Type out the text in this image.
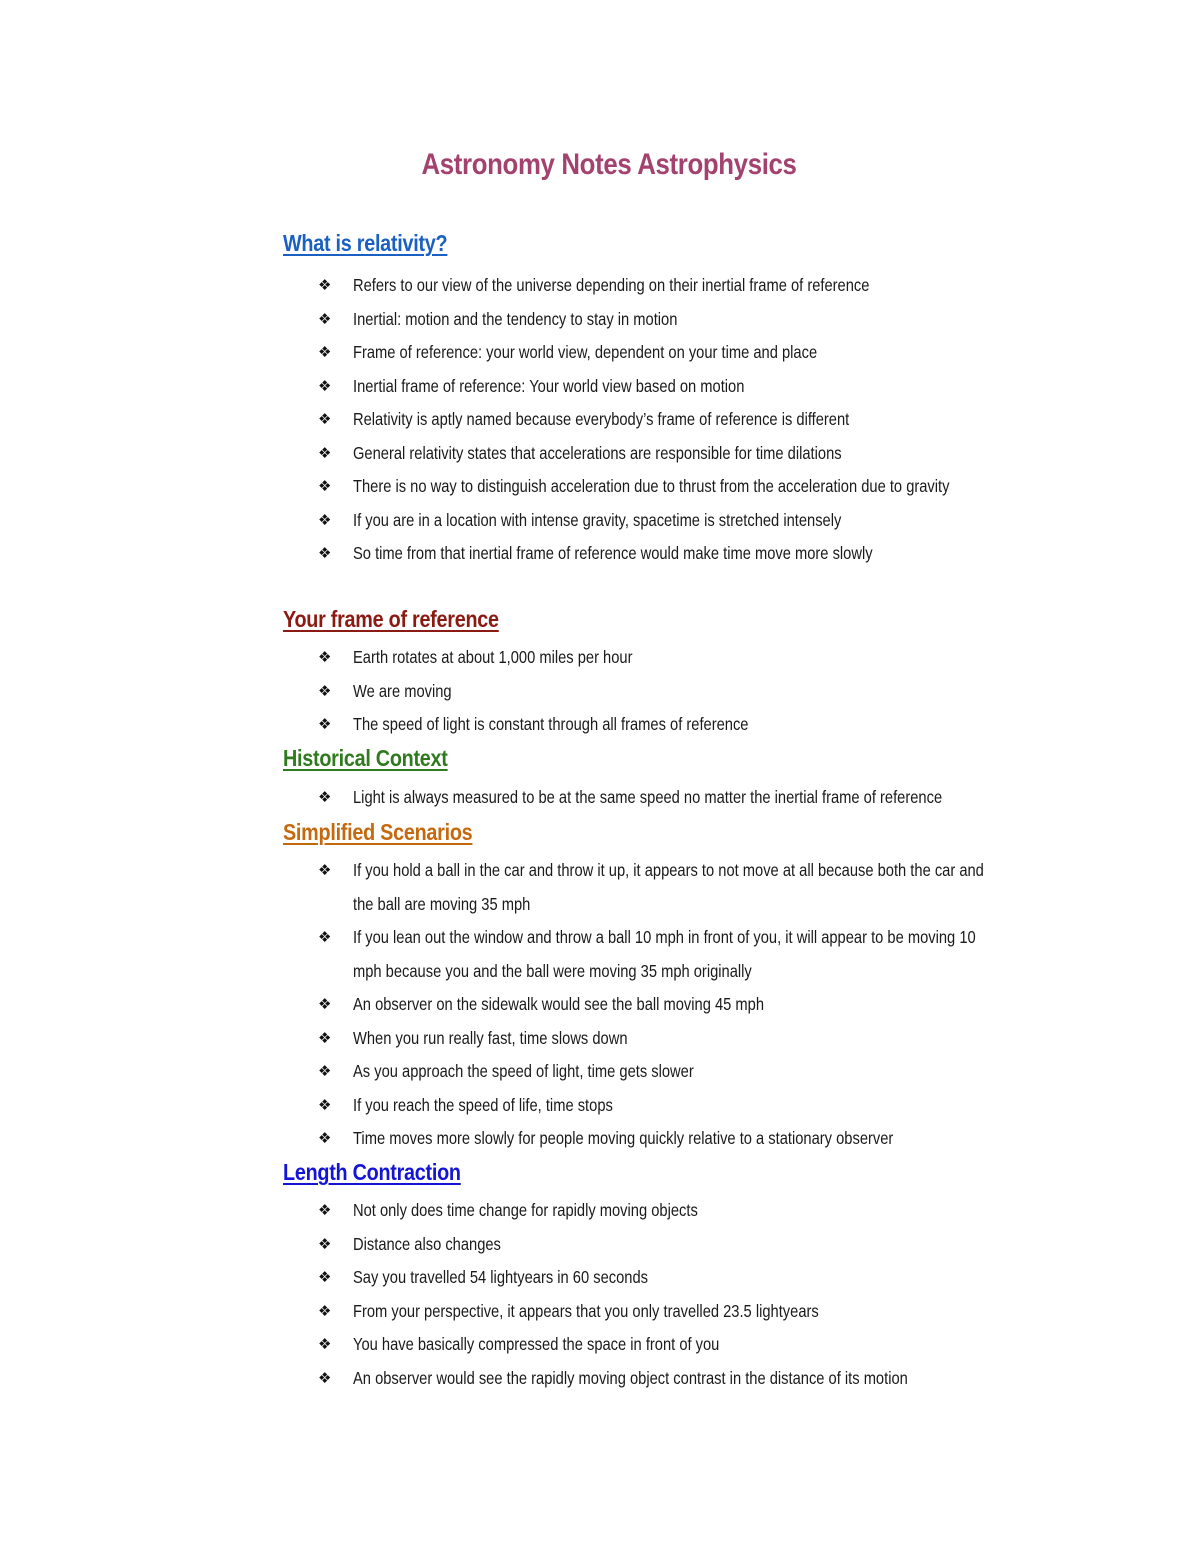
Astronomy Notes Astrophysics
What is relativity?
❖ Refers to our view of the universe depending on their inertial frame of reference
❖ Inertial: motion and the tendency to stay in motion
❖ Frame of reference: your world view, dependent on your time and place
❖ Inertial frame of reference: Your world view based on motion
❖ Relativity is aptly named because everybody’s frame of reference is different
❖ General relativity states that accelerations are responsible for time dilations
❖ There is no way to distinguish acceleration due to thrust from the acceleration due to gravity
❖ If you are in a location with intense gravity, spacetime is stretched intensely
❖ So time from that inertial frame of reference would make time move more slowly
Your frame of reference
❖ Earth rotates at about 1,000 miles per hour
❖ We are moving
❖ The speed of light is constant through all frames of reference
Historical Context
❖ Light is always measured to be at the same speed no matter the inertial frame of reference
Simplified Scenarios
❖ If you hold a ball in the car and throw it up, it appears to not move at all because both the car and
the ball are moving 35 mph
❖ If you lean out the window and throw a ball 10 mph in front of you, it will appear to be moving 10
mph because you and the ball were moving 35 mph originally
❖ An observer on the sidewalk would see the ball moving 45 mph
❖ When you run really fast, time slows down
❖ As you approach the speed of light, time gets slower
❖ If you reach the speed of life, time stops
❖ Time moves more slowly for people moving quickly relative to a stationary observer
Length Contraction
❖ Not only does time change for rapidly moving objects
❖ Distance also changes
❖ Say you travelled 54 lightyears in 60 seconds
❖ From your perspective, it appears that you only travelled 23.5 lightyears
❖ You have basically compressed the space in front of you
❖ An observer would see the rapidly moving object contrast in the distance of its motion
